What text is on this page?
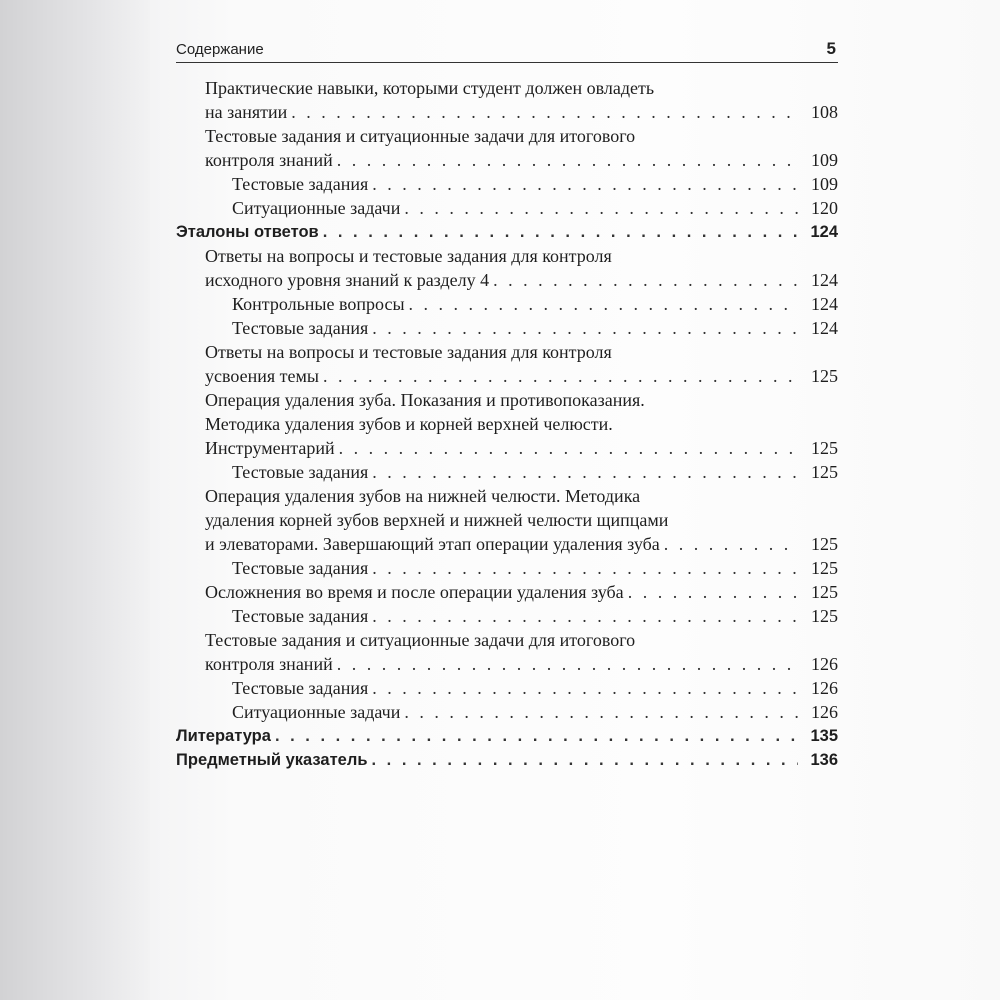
Содержание	5
Практические навыки, которыми студент должен овладеть
на занятии . . .	108
Тестовые задания и ситуационные задачи для итогового
контроля знаний . . .	109
Тестовые задания . . .	109
Ситуационные задачи . . .	120
Эталоны ответов . . .	124
Ответы на вопросы и тестовые задания для контроля
исходного уровня знаний к разделу 4 . . .	124
Контрольные вопросы . . .	124
Тестовые задания . . .	124
Ответы на вопросы и тестовые задания для контроля
усвоения темы . . .	125
Операция удаления зуба. Показания и противопоказания.
Методика удаления зубов и корней верхней челюсти.
Инструментарий . . .	125
Тестовые задания . . .	125
Операция удаления зубов на нижней челюсти. Методика
удаления корней зубов верхней и нижней челюсти щипцами
и элеваторами. Завершающий этап операции удаления зуба . . .	125
Тестовые задания . . .	125
Осложнения во время и после операции удаления зуба . . .	125
Тестовые задания . . .	125
Тестовые задания и ситуационные задачи для итогового
контроля знаний . . .	126
Тестовые задания . . .	126
Ситуационные задачи . . .	126
Литература . . .	135
Предметный указатель . . .	136
